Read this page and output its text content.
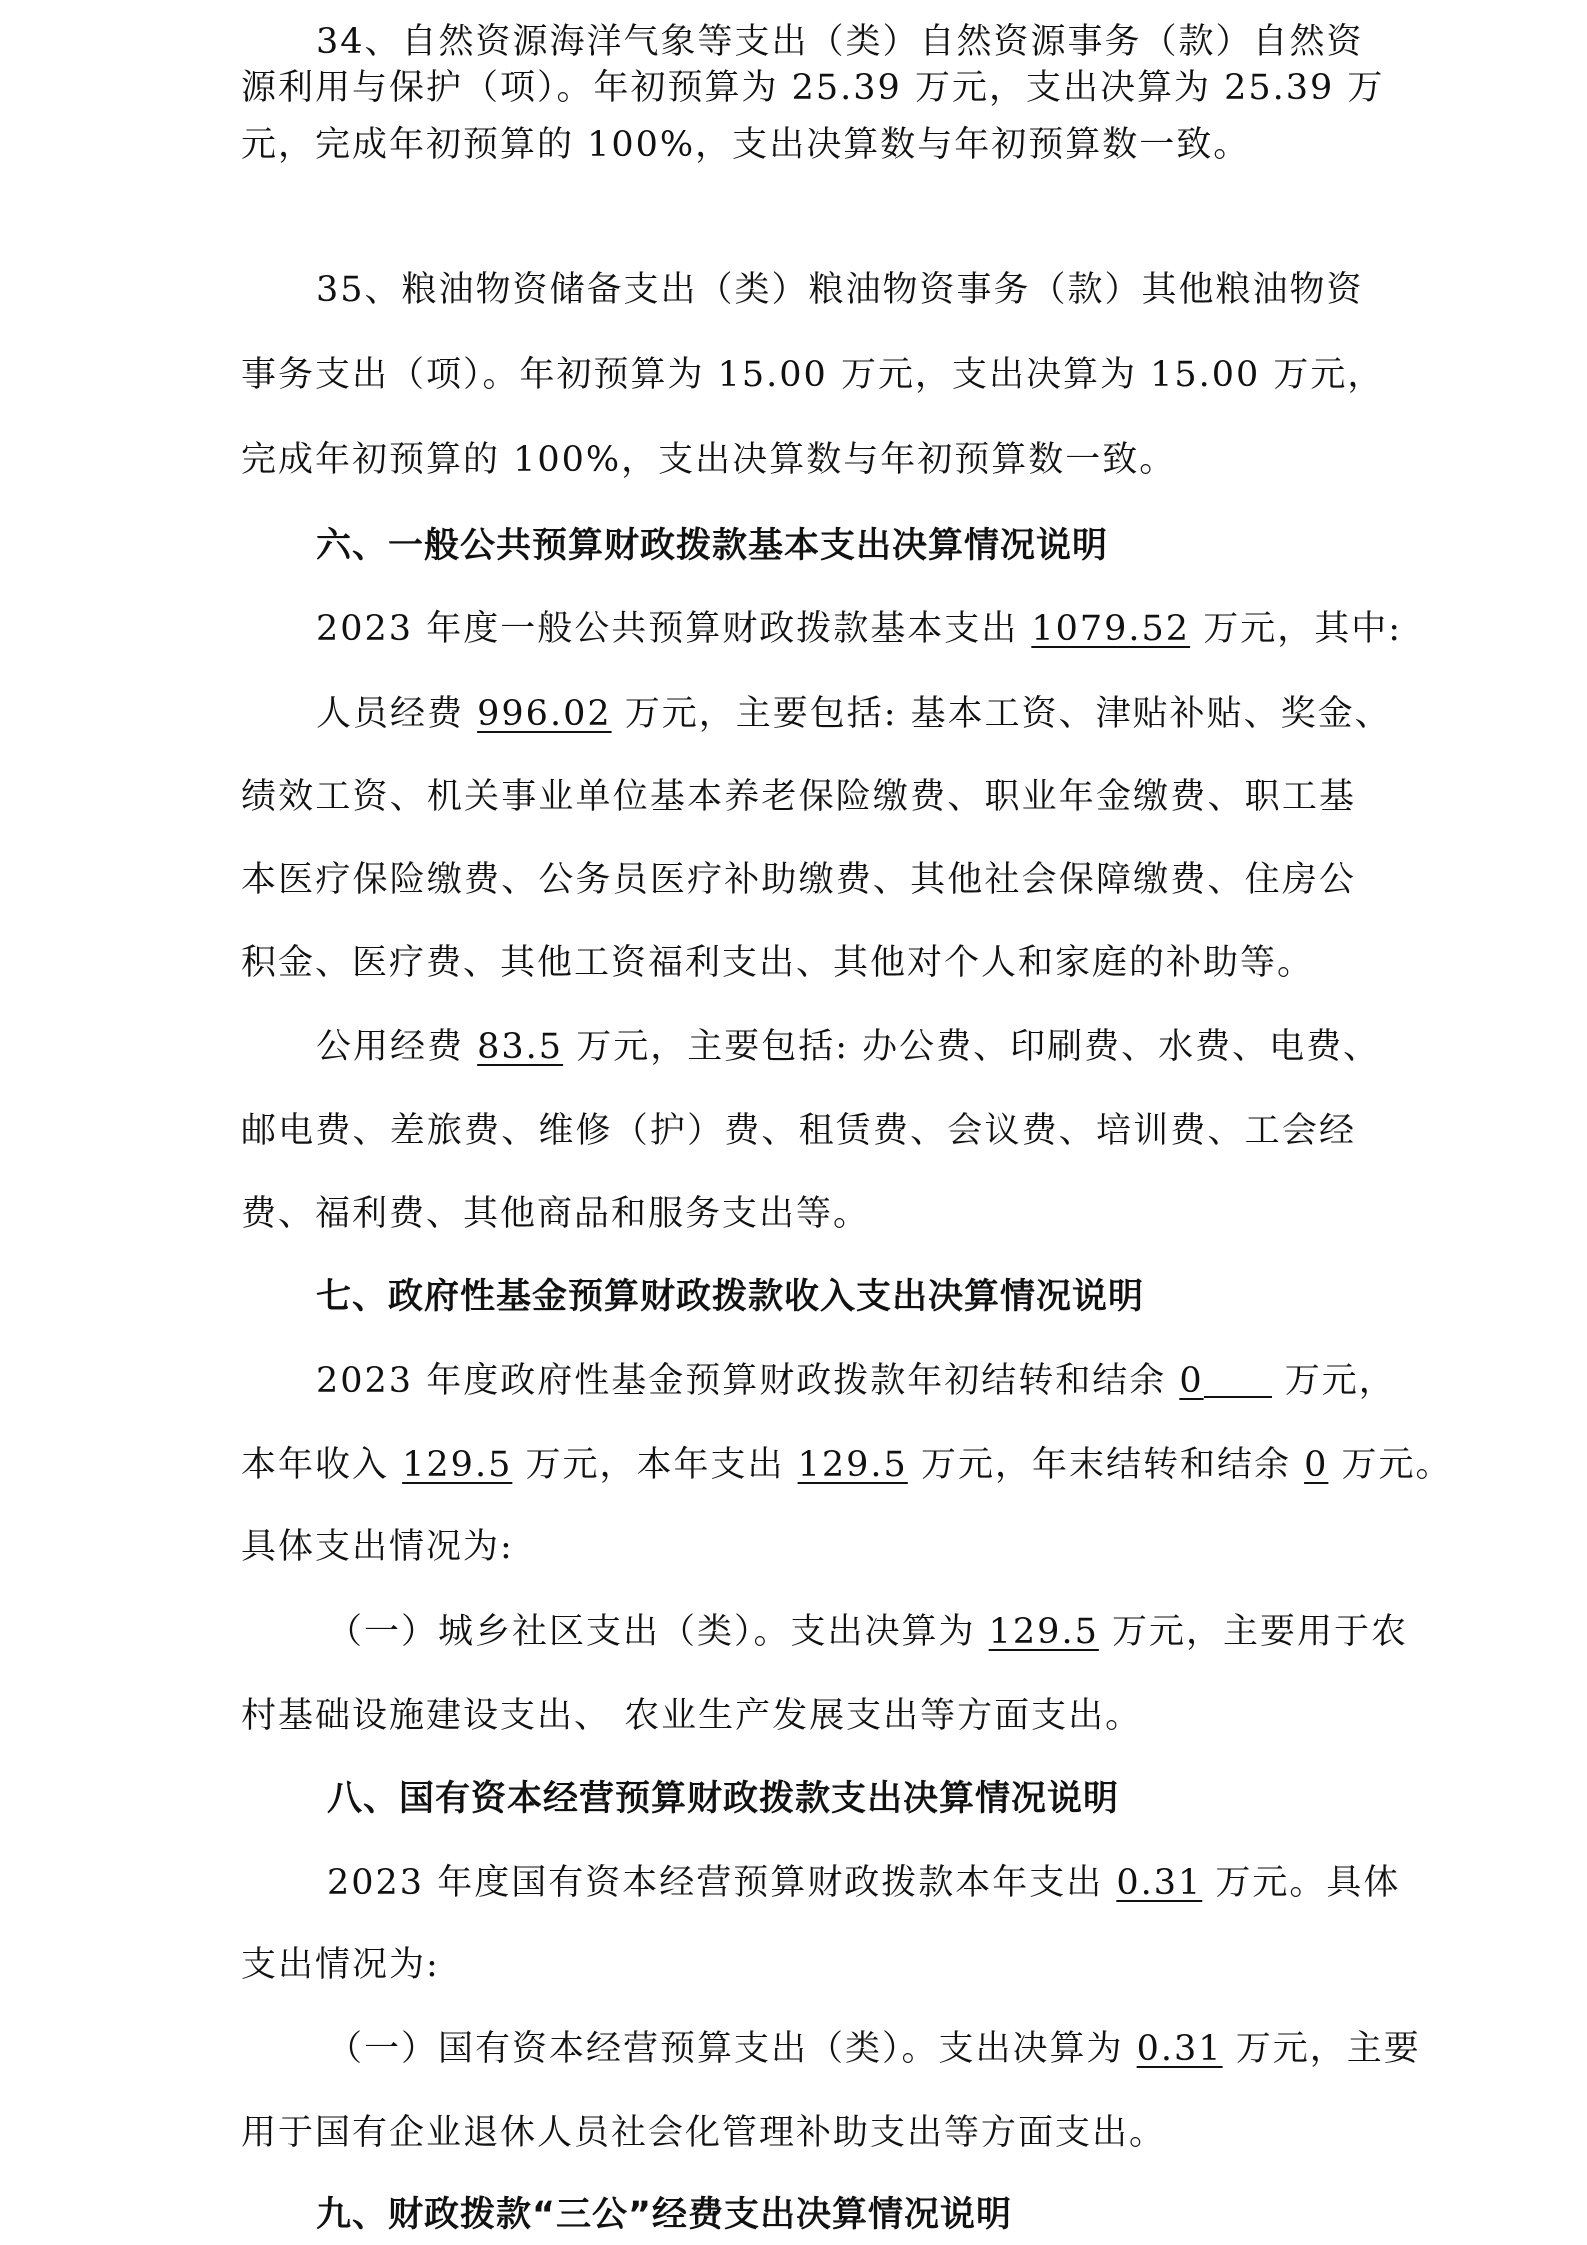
34、自然资源海洋气象等支出（类）自然资源事务（款）自然资
源利用与保护（项）。年初预算为 25.39 万元，支出决算为 25.39 万
元，完成年初预算的 100%，支出决算数与年初预算数一致。
35、粮油物资储备支出（类）粮油物资事务（款）其他粮油物资
事务支出（项）。年初预算为 15.00 万元，支出决算为 15.00 万元，
完成年初预算的 100%，支出决算数与年初预算数一致。
六、一般公共预算财政拨款基本支出决算情况说明
2023 年度一般公共预算财政拨款基本支出 1079.52 万元，其中:
人员经费 996.02 万元，主要包括: 基本工资、津贴补贴、奖金、
绩效工资、机关事业单位基本养老保险缴费、职业年金缴费、职工基
本医疗保险缴费、公务员医疗补助缴费、其他社会保障缴费、住房公
积金、医疗费、其他工资福利支出、其他对个人和家庭的补助等。
公用经费 83.5 万元，主要包括: 办公费、印刷费、水费、电费、
邮电费、差旅费、维修（护）费、租赁费、会议费、培训费、工会经
费、福利费、其他商品和服务支出等。
七、政府性基金预算财政拨款收入支出决算情况说明
2023 年度政府性基金预算财政拨款年初结转和结余 0 万元，
本年收入 129.5 万元，本年支出 129.5 万元，年末结转和结余 0 万元。
具体支出情况为:
（一）城乡社区支出（类）。支出决算为 129.5 万元，主要用于农
村基础设施建设支出、 农业生产发展支出等方面支出。
八、国有资本经营预算财政拨款支出决算情况说明
2023 年度国有资本经营预算财政拨款本年支出 0.31 万元。具体
支出情况为:
（一）国有资本经营预算支出（类）。支出决算为 0.31 万元，主要
用于国有企业退休人员社会化管理补助支出等方面支出。
九、财政拨款“三公”经费支出决算情况说明
